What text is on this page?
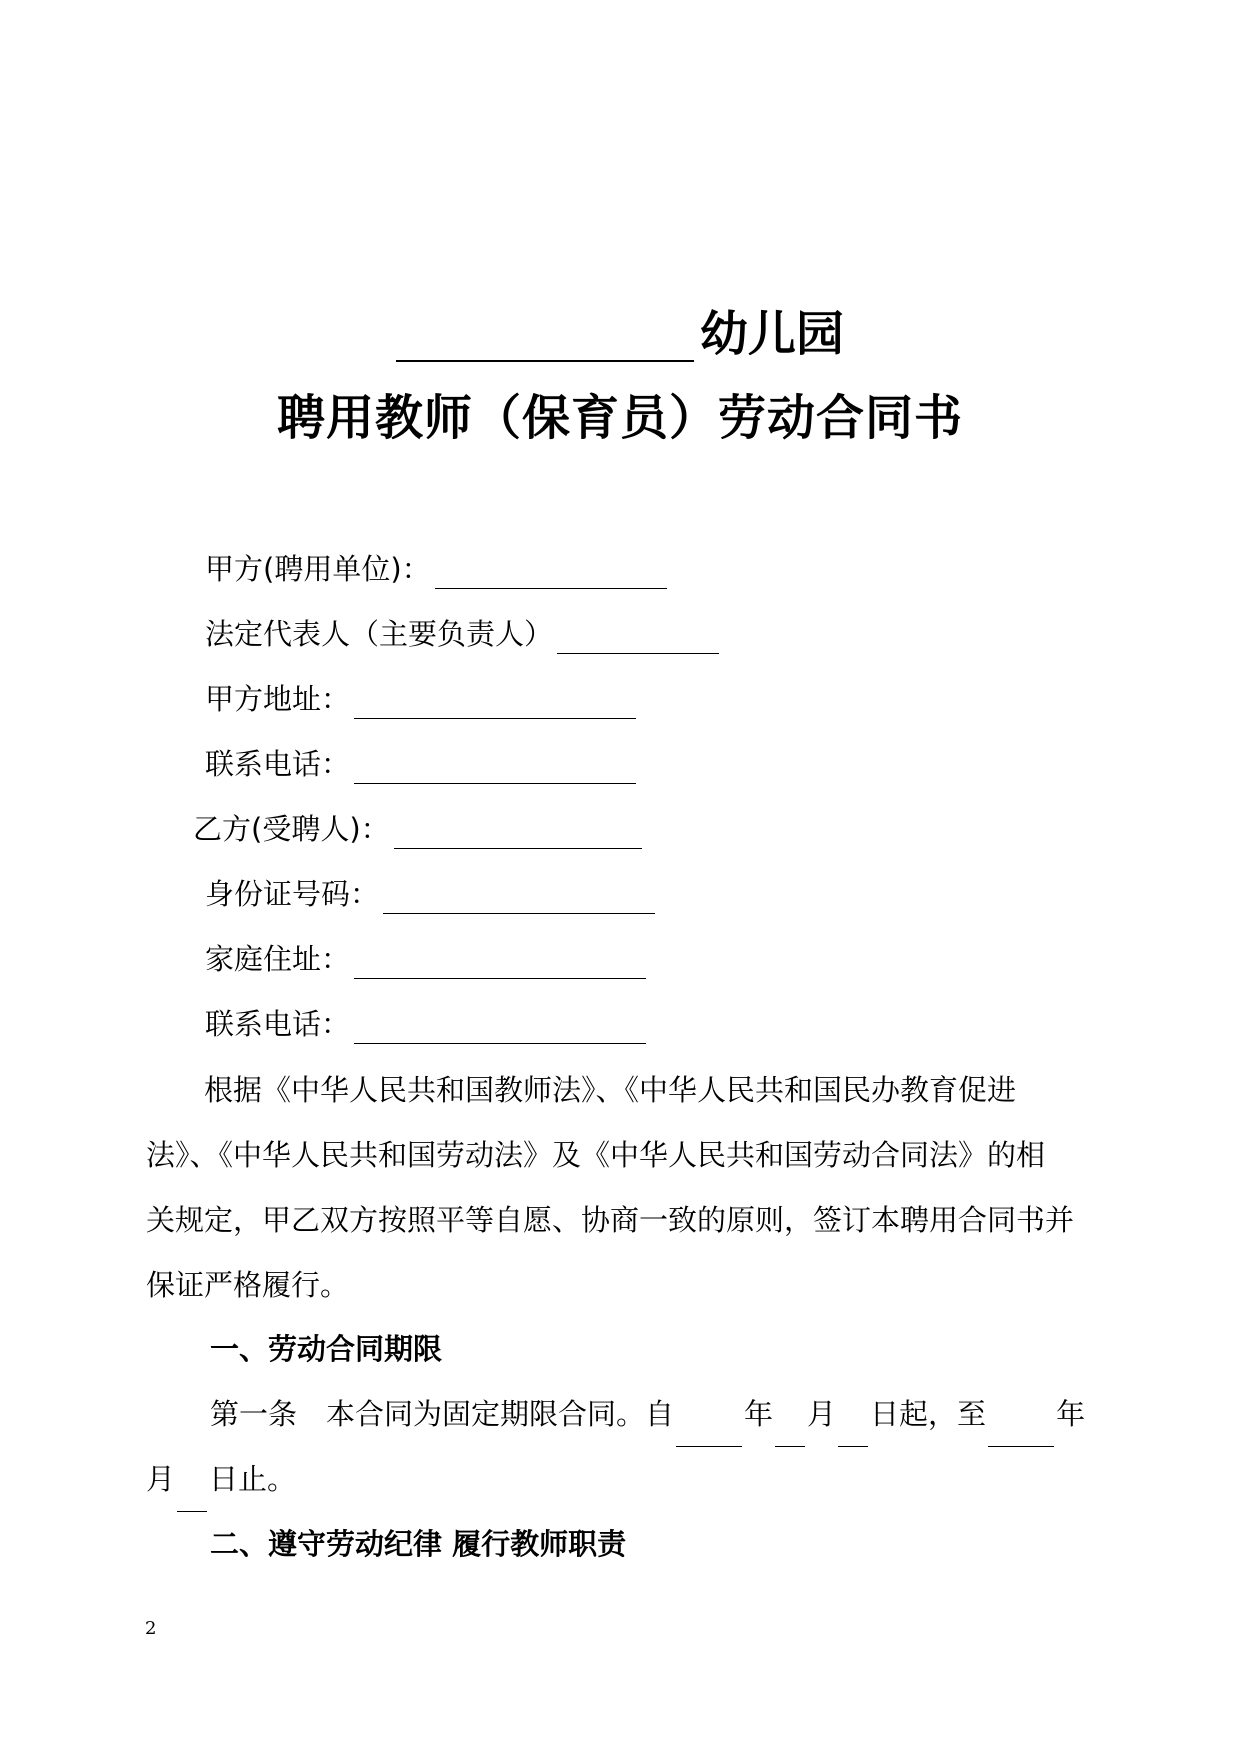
幼儿园
聘用教师（保育员）劳动合同书
甲方(聘用单位)：
法定代表人（主要负责人）
甲方地址：
联系电话：
乙方(受聘人)：
身份证号码：
家庭住址：
联系电话：
根据《中华人民共和国教师法》、《中华人民共和国民办教育促进
法》、《中华人民共和国劳动法》及《中华人民共和国劳动合同法》的相
关规定，甲乙双方按照平等自愿、协商一致的原则，签订本聘用合同书并
保证严格履行。
一、劳动合同期限
第一条　本合同为固定期限合同。自 年 月 日起，至 年
月 日止。
二、遵守劳动纪律 履行教师职责
2
